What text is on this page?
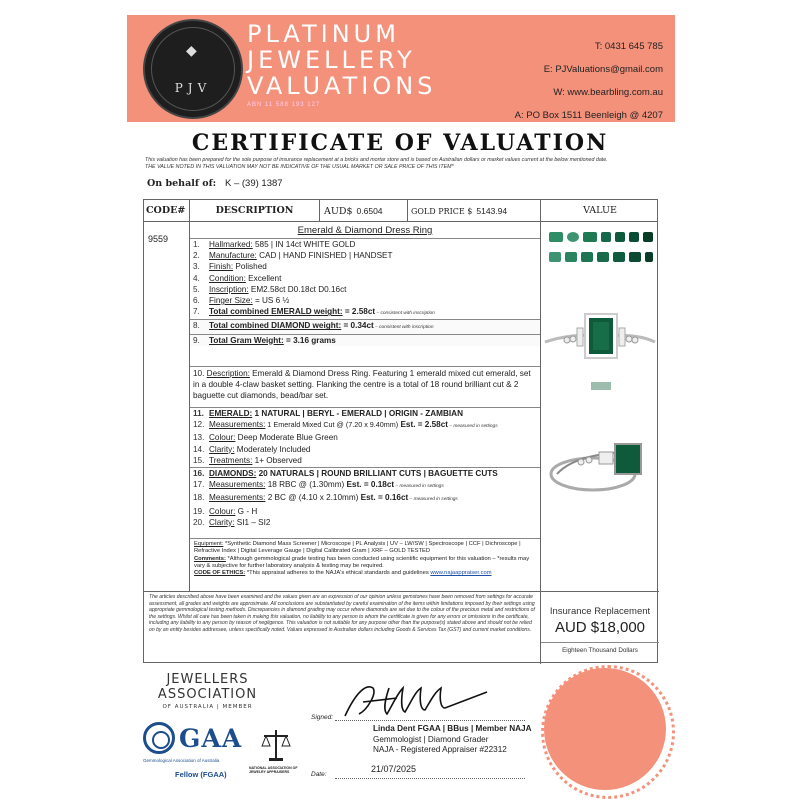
◆
PJV
PLATINUM
JEWELLERY
VALUATIONS
ABN 11 588 193 127
T: 0431 645 785
E: PJValuations@gmail.com
W: www.bearbling.com.au
A: PO Box 1511 Beenleigh @ 4207
CERTIFICATE OF VALUATION
This valuation has been prepared for the sole purpose of insurance replacement at a bricks and mortar store and is based on Australian dollars or market values current at the below mentioned date.
THE VALUE NOTED IN THIS VALUATION MAY NOT BE INDICATIVE OF THE USUAL MARKET OR SALE PRICE OF THIS ITEM*
On behalf of: K – (39) 1387
CODE#	DESCRIPTION	AUD$ 0.6504	GOLD PRICE $ 5143.94	VALUE
9559
Emerald & Diamond Dress Ring
1. Hallmarked: 585 | IN 14ct WHITE GOLD
2. Manufacture: CAD | HAND FINISHED | HANDSET
3. Finish: Polished
4. Condition: Excellent
5. Inscription: EM2.58ct D0.18ct D0.16ct
6. Finger Size: = US 6 ½
7. Total combined EMERALD weight: = 2.58ct – consistent with inscription
8. Total combined DIAMOND weight: = 0.34ct – consistent with inscription
9. Total Gram Weight: = 3.16 grams
10. Description: Emerald & Diamond Dress Ring. Featuring 1 emerald mixed cut emerald, set in a double 4-claw basket setting. Flanking the centre is a total of 18 round brilliant cut & 2 baguette cut diamonds, bead/bar set.
11. EMERALD: 1 NATURAL | BERYL - EMERALD | ORIGIN - ZAMBIAN
12. Measurements: 1 Emerald Mixed Cut @ (7.20 x 9.40mm) Est. = 2.58ct – measured in settings
13. Colour: Deep Moderate Blue Green
14. Clarity: Moderately Included
15. Treatments: 1+ Observed
16. DIAMONDS: 20 NATURALS | ROUND BRILLIANT CUTS | BAGUETTE CUTS
17. Measurements: 18 RBC @ (1.30mm) Est. = 0.18ct – measured in settings
18. Measurements: 2 BC @ (4.10 x 2.10mm) Est. = 0.16ct – measured in settings
19. Colour: G - H
20. Clarity: SI1 – SI2
Equipment: *Synthetic Diamond Mass Screener | Microscope | PL Analysis | UV – LW/SW | Spectroscope | CCF | Dichroscope | Refractive Index | Digital Leverage Gauge | Digital Calibrated Gram | XRF – GOLD TESTED
Comments: *Although gemmological grade testing has been conducted using scientific equipment for this valuation – *results may vary & subjective for further laboratory analysis & testing may be required.
CODE OF ETHICS: *This appraisal adheres to the NAJA's ethical standards and guidelines www.najaappraiser.com
The articles described above have been examined and the values given are an expression of our opinion unless gemstones have been removed from settings for accurate assessment, all grades and weights are approximate. All conclusions are substantiated by careful examination of the items within limitations imposed by their settings using appropriate gemmological testing methods. Discrepancies in diamond grading may occur where diamonds are set due to the colour of the precious metal and restrictions of the settings. Whilst all care has been taken in making this valuation, no liability to any person to whom the certificate is given for any errors or omissions in the certificate, including any liability to any person by reason of negligence. This valuation is not suitable for any purpose other than the purpose(s) stated above and should not be relied on by an entity besides addressee, unless specifically noted. Values expressed in Australian dollars including Goods & Services Tax (GST) and current market conditions.
Insurance Replacement
AUD $18,000
Eighteen Thousand Dollars
JEWELLERS
ASSOCIATION
OF AUSTRALIA | MEMBER
GAA
Gemmological Association of Australia
Fellow (FGAA)
NATIONAL ASSOCIATION OF
JEWELRY APPRAISERS
Signed:
Linda Dent FGAA | BBus | Member NAJA
Gemmologist | Diamond Grader
NAJA - Registered Appraiser #22312
Date:
21/07/2025
